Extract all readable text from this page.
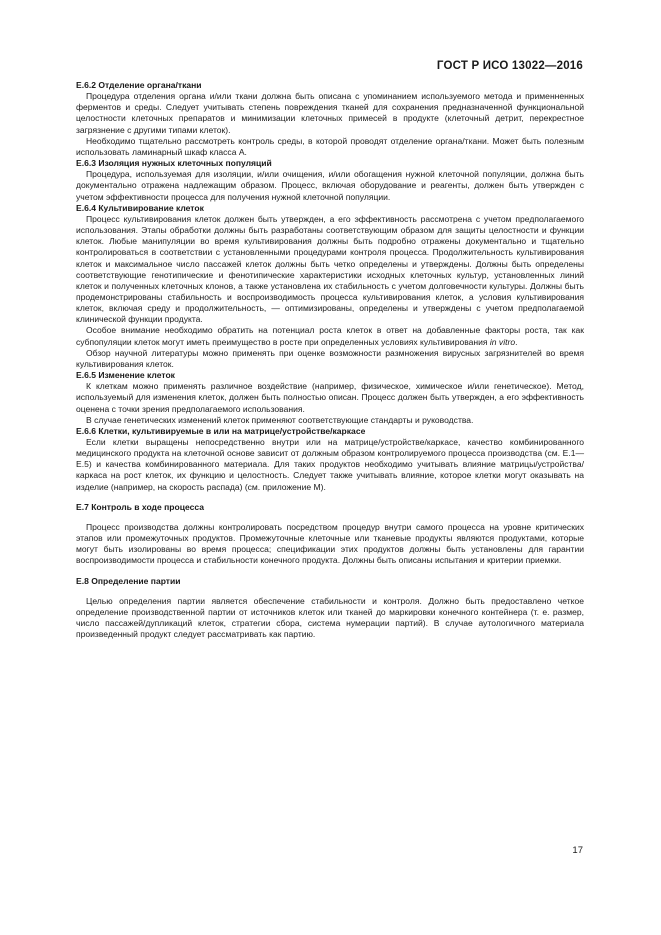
ГОСТ Р ИСО 13022—2016
Е.6.2 Отделение органа/ткани

Процедура отделения органа и/или ткани должна быть описана с упоминанием используемого метода и применненных ферментов и среды. Следует учитывать степень повреждения тканей для сохранения предназначенной функциональной целостности клеточных препаратов и минимизации клеточных примесей в продукте (клеточный детрит, перекрестное загрязнение с другими типами клеток).

Необходимо тщательно рассмотреть контроль среды, в которой проводят отделение органа/ткани. Может быть полезным использовать ламинарный шкаф класса А.

Е.6.3 Изоляция нужных клеточных популяций

Процедура, используемая для изоляции, и/или очищения, и/или обогащения нужной клеточной популяции, должна быть документально отражена надлежащим образом. Процесс, включая оборудование и реагенты, должен быть утвержден с учетом эффективности процесса для получения нужной клеточной популяции.

Е.6.4 Культивирование клеток

Процесс культивирования клеток должен быть утвержден, а его эффективность рассмотрена с учетом предполагаемого использования. Этапы обработки должны быть разработаны соответствующим образом для защиты целостности и функции клеток. Любые манипуляции во время культивирования должны быть подробно отражены документально и тщательно контролироваться в соответствии с установленными процедурами контроля процесса. Продолжительность культивирования клеток и максимальное число пассажей клеток должны быть четко определены и утверждены. Должны быть определены соответствующие генотипические и фенотипические характеристики исходных клеточных культур, установленных линий клеток и полученных клеточных клонов, а также установлена их стабильность с учетом долговечности культуры. Должны быть продемонстрированы стабильность и воспроизводимость процесса культивирования клеток, а условия культивирования клеток, включая среду и продолжительность, — оптимизированы, определены и утверждены с учетом предполагаемой клинической функции продукта.

Особое внимание необходимо обратить на потенциал роста клеток в ответ на добавленные факторы роста, так как субпопуляции клеток могут иметь преимущество в росте при определенных условиях культивирования in vitro.

Обзор научной литературы можно применять при оценке возможности размножения вирусных загрязнителей во время культивирования клеток.

Е.6.5 Изменение клеток

К клеткам можно применять различное воздействие (например, физическое, химическое и/или генетическое). Метод, используемый для изменения клеток, должен быть полностью описан. Процесс должен быть утвержден, а его эффективность оценена с точки зрения предполагаемого использования.

В случае генетических изменений клеток применяют соответствующие стандарты и руководства.

Е.6.6 Клетки, культивируемые в или на матрице/устройстве/каркасе

Если клетки выращены непосредственно внутри или на матрице/устройстве/каркасе, качество комбинированного медицинского продукта на клеточной основе зависит от должным образом контролируемого процесса производства (см. Е.1—Е.5) и качества комбинированного материала. Для таких продуктов необходимо учитывать влияние матрицы/устройства/каркаса на рост клеток, их функцию и целостность. Следует также учитывать влияние, которое клетки могут оказывать на изделие (например, на скорость распада) (см. приложение М).

Е.7 Контроль в ходе процесса

Процесс производства должны контролировать посредством процедур внутри самого процесса на уровне критических этапов или промежуточных продуктов. Промежуточные клеточные или тканевые продукты являются продуктами, которые могут быть изолированы во время процесса; спецификации этих продуктов должны быть установлены для гарантии воспроизводимости процесса и стабильности конечного продукта. Должны быть описаны испытания и критерии приемки.

Е.8 Определение партии

Целью определения партии является обеспечение стабильности и контроля. Должно быть предоставлено четкое определение производственной партии от источников клеток или тканей до маркировки конечного контейнера (т. е. размер, число пассажей/дупликаций клеток, стратегии сбора, система нумерации партий). В случае аутологичного материала произведенный продукт следует рассматривать как партию.

17
